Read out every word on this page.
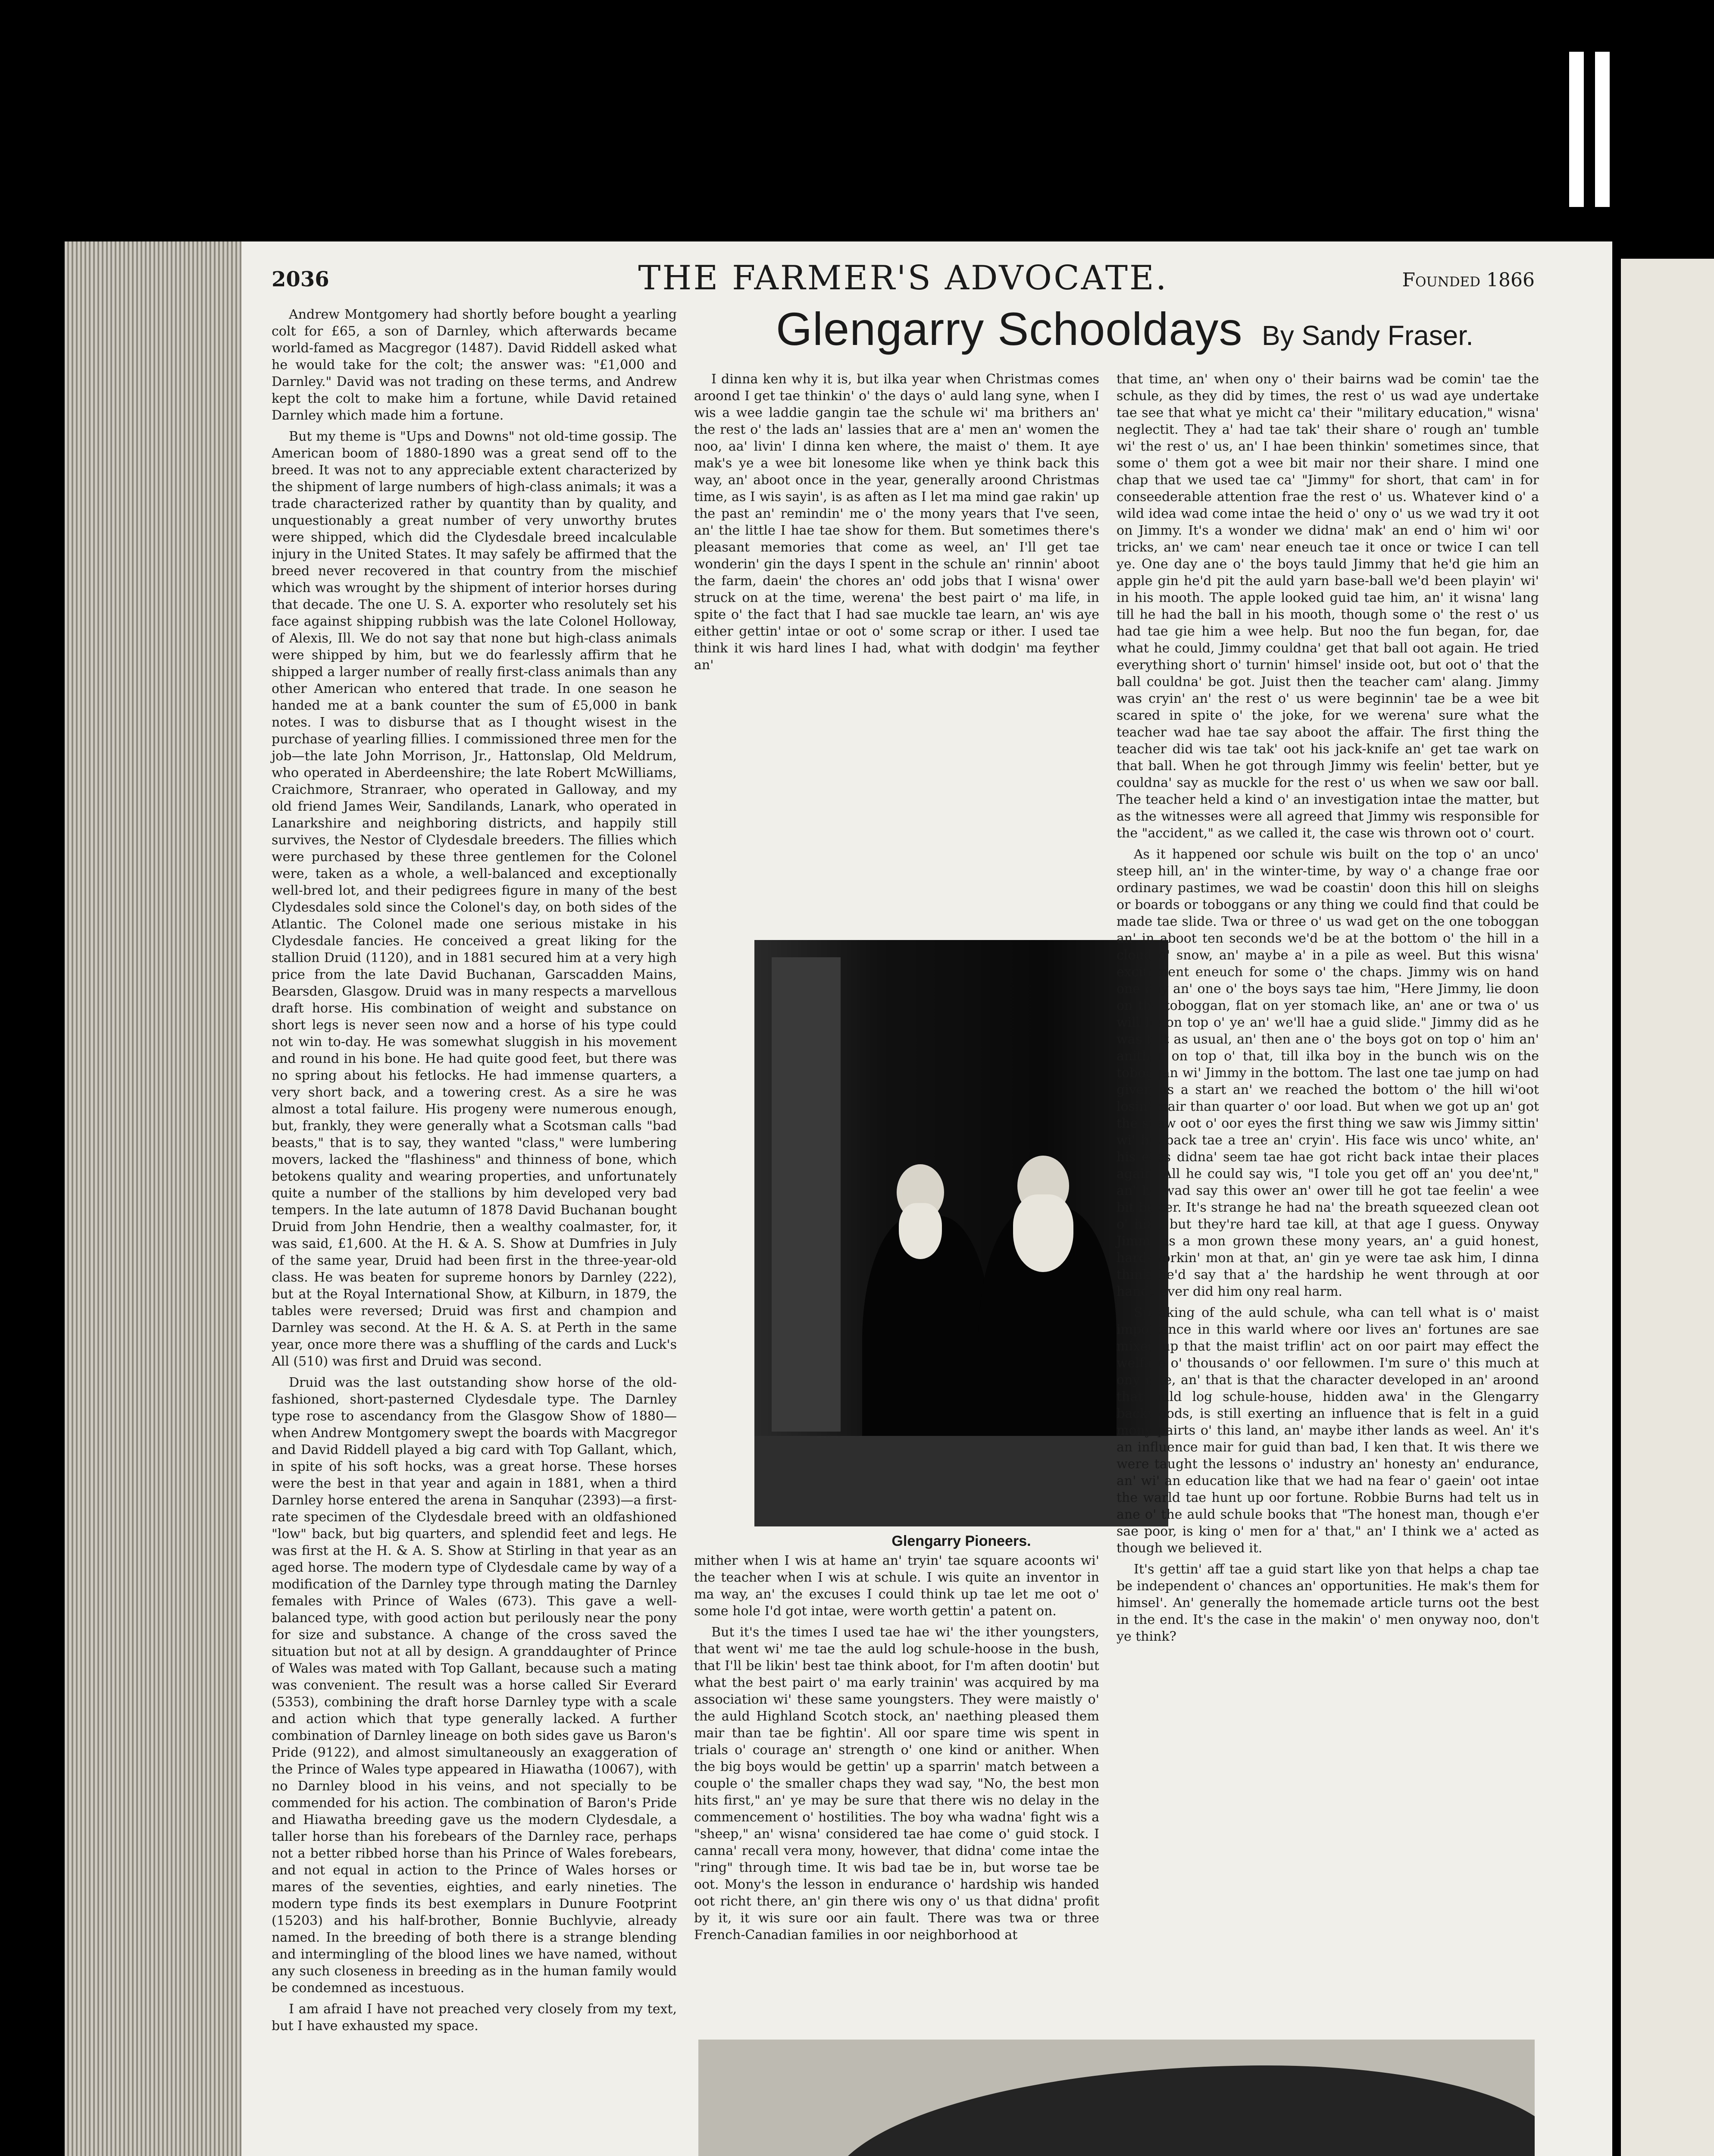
2036	THE FARMER'S ADVOCATE.	Founded 1866

Andrew Montgomery had shortly before bought a yearling colt for £65, a son of Darnley, which afterwards became world-famed as Macgregor (1487). David Riddell asked what he would take for the colt; the answer was: "£1,000 and Darnley." David was not trading on these terms, and Andrew kept the colt to make him a fortune, while David retained Darnley which made him a fortune.

But my theme is "Ups and Downs" not old-time gossip. The American boom of 1880-1890 was a great send off to the breed. It was not to any appreciable extent characterized by the shipment of large numbers of high-class animals; it was a trade characterized rather by quantity than by quality, and unquestionably a great number of very unworthy brutes were shipped, which did the Clydesdale breed incalculable injury in the United States. It may safely be affirmed that the breed never recovered in that country from the mischief which was wrought by the shipment of interior horses during that decade. The one U. S. A. exporter who resolutely set his face against shipping rubbish was the late Colonel Holloway, of Alexis, Ill. We do not say that none but high-class animals were shipped by him, but we do fearlessly affirm that he shipped a larger number of really first-class animals than any other American who entered that trade. In one season he handed me at a bank counter the sum of £5,000 in bank notes. I was to disburse that as I thought wisest in the purchase of yearling fillies. I commissioned three men for the job—the late John Morrison, Jr., Hattonslap, Old Meldrum, who operated in Aberdeenshire; the late Robert McWilliams, Craichmore, Stranraer, who operated in Galloway, and my old friend James Weir, Sandilands, Lanark, who operated in Lanarkshire and neighboring districts, and happily still survives, the Nestor of Clydesdale breeders. The fillies which were purchased by these three gentlemen for the Colonel were, taken as a whole, a well-balanced and exceptionally well-bred lot, and their pedigrees figure in many of the best Clydesdales sold since the Colonel's day, on both sides of the Atlantic. The Colonel made one serious mistake in his Clydesdale fancies. He conceived a great liking for the stallion Druid (1120), and in 1881 secured him at a very high price from the late David Buchanan, Garscadden Mains, Bearsden, Glasgow. Druid was in many respects a marvellous draft horse. His combination of weight and substance on short legs is never seen now and a horse of his type could not win to-day. He was somewhat sluggish in his movement and round in his bone. He had quite good feet, but there was no spring about his fetlocks. He had immense quarters, a very short back, and a towering crest. As a sire he was almost a total failure. His progeny were numerous enough, but, frankly, they were generally what a Scotsman calls "bad beasts," that is to say, they wanted "class," were lumbering movers, lacked the "flashiness" and thinness of bone, which betokens quality and wearing properties, and unfortunately quite a number of the stallions by him developed very bad tempers. In the late autumn of 1878 David Buchanan bought Druid from John Hendrie, then a wealthy coalmaster, for, it was said, £1,600. At the H. & A. S. Show at Dumfries in July of the same year, Druid had been first in the three-year-old class. He was beaten for supreme honors by Darnley (222), but at the Royal International Show, at Kilburn, in 1879, the tables were reversed; Druid was first and champion and Darnley was second. At the H. & A. S. at Perth in the same year, once more there was a shuffling of the cards and Luck's All (510) was first and Druid was second.

Druid was the last outstanding show horse of the old-fashioned, short-pasterned Clydesdale type. The Darnley type rose to ascendancy from the Glasgow Show of 1880—when Andrew Montgomery swept the boards with Macgregor and David Riddell played a big card with Top Gallant, which, in spite of his soft hocks, was a great horse. These horses were the best in that year and again in 1881, when a third Darnley horse entered the arena in Sanquhar (2393)—a first-rate specimen of the Clydesdale breed with an oldfashioned "low" back, but big quarters, and splendid feet and legs. He was first at the H. & A. S. Show at Stirling in that year as an aged horse. The modern type of Clydesdale came by way of a modification of the Darnley type through mating the Darnley females with Prince of Wales (673). This gave a well-balanced type, with good action but perilously near the pony for size and substance. A change of the cross saved the situation but not at all by design. A granddaughter of Prince of Wales was mated with Top Gallant, because such a mating was convenient. The result was a horse called Sir Everard (5353), combining the draft horse Darnley type with a scale and action which that type generally lacked. A further combination of Darnley lineage on both sides gave us Baron's Pride (9122), and almost simultaneously an exaggeration of the Prince of Wales type appeared in Hiawatha (10067), with no Darnley blood in his veins, and not specially to be commended for his action. The combination of Baron's Pride and Hiawatha breeding gave us the modern Clydesdale, a taller horse than his forebears of the Darnley race, perhaps not a better ribbed horse than his Prince of Wales forebears, and not equal in action to the Prince of Wales horses or mares of the seventies, eighties, and early nineties. The modern type finds its best exemplars in Dunure Footprint (15203) and his half-brother, Bonnie Buchlyvie, already named. In the breeding of both there is a strange blending and intermingling of the blood lines we have named, without any such closeness in breeding as in the human family would be condemned as incestuous.

I am afraid I have not preached very closely from my text, but I have exhausted my space.

Glengarry Schooldays By Sandy Fraser.

I dinna ken why it is, but ilka year when Christmas comes aroond I get tae thinkin' o' the days o' auld lang syne, when I wis a wee laddie gangin tae the schule wi' ma brithers an' the rest o' the lads an' lassies that are a' men an' women the noo, aa' livin' I dinna ken where, the maist o' them. It aye mak's ye a wee bit lonesome like when ye think back this way, an' aboot once in the year, generally aroond Christmas time, as I wis sayin', is as aften as I let ma mind gae rakin' up the past an' remindin' me o' the mony years that I've seen, an' the little I hae tae show for them. But sometimes there's pleasant memories that come as weel, an' I'll get tae wonderin' gin the days I spent in the schule an' rinnin' aboot the farm, daein' the chores an' odd jobs that I wisna' ower struck on at the time, werena' the best pairt o' ma life, in spite o' the fact that I had sae muckle tae learn, an' wis aye either gettin' intae or oot o' some scrap or ither. I used tae think it wis hard lines I had, what with dodgin' ma feyther an'

Glengarry Pioneers.

mither when I wis at hame an' tryin' tae square acoonts wi' the teacher when I wis at schule. I wis quite an inventor in ma way, an' the excuses I could think up tae let me oot o' some hole I'd got intae, were worth gettin' a patent on.

But it's the times I used tae hae wi' the ither youngsters, that went wi' me tae the auld log schule-hoose in the bush, that I'll be likin' best tae think aboot, for I'm aften dootin' but what the best pairt o' ma early trainin' was acquired by ma association wi' these same youngsters. They were maistly o' the auld Highland Scotch stock, an' naething pleased them mair than tae be fightin'. All oor spare time wis spent in trials o' courage an' strength o' one kind or anither. When the big boys would be gettin' up a sparrin' match between a couple o' the smaller chaps they wad say, "No, the best mon hits first," an' ye may be sure that there wis no delay in the commencement o' hostilities. The boy wha wadna' fight wis a "sheep," an' wisna' considered tae hae come o' guid stock. I canna' recall vera mony, however, that didna' come intae the "ring" through time. It wis bad tae be in, but worse tae be oot. Mony's the lesson in endurance o' hardship wis handed oot richt there, an' gin there wis ony o' us that didna' profit by it, it wis sure oor ain fault. There was twa or three French-Canadian families in oor neighborhood at

that time, an' when ony o' their bairns wad be comin' tae the schule, as they did by times, the rest o' us wad aye undertake tae see that what ye micht ca' their "military education," wisna' neglectit. They a' had tae tak' their share o' rough an' tumble wi' the rest o' us, an' I hae been thinkin' sometimes since, that some o' them got a wee bit mair nor their share. I mind one chap that we used tae ca' "Jimmy" for short, that cam' in for conseederable attention frae the rest o' us. Whatever kind o' a wild idea wad come intae the heid o' ony o' us we wad try it oot on Jimmy. It's a wonder we didna' mak' an end o' him wi' oor tricks, an' we cam' near eneuch tae it once or twice I can tell ye. One day ane o' the boys tauld Jimmy that he'd gie him an apple gin he'd pit the auld yarn base-ball we'd been playin' wi' in his mooth. The apple looked guid tae him, an' it wisna' lang till he had the ball in his mooth, though some o' the rest o' us had tae gie him a wee help. But noo the fun began, for, dae what he could, Jimmy couldna' get that ball oot again. He tried everything short o' turnin' himsel' inside oot, but oot o' that the ball couldna' be got. Juist then the teacher cam' alang. Jimmy was cryin' an' the rest o' us were beginnin' tae be a wee bit scared in spite o' the joke, for we werena' sure what the teacher wad hae tae say aboot the affair. The first thing the teacher did wis tae tak' oot his jack-knife an' get tae wark on that ball. When he got through Jimmy wis feelin' better, but ye couldna' say as muckle for the rest o' us when we saw oor ball. The teacher held a kind o' an investigation intae the matter, but as the witnesses were all agreed that Jimmy wis responsible for the "accident," as we called it, the case wis thrown oot o' court.

As it happened oor schule wis built on the top o' an unco' steep hill, an' in the winter-time, by way o' a change frae oor ordinary pastimes, we wad be coastin' doon this hill on sleighs or boards or toboggans or any thing we could find that could be made tae slide. Twa or three o' us wad get on the one toboggan an' in aboot ten seconds we'd be at the bottom o' the hill in a cloud o' snow, an' maybe a' in a pile as weel. But this wisna' excitement eneuch for some o' the chaps. Jimmy wis on hand one day an' one o' the boys says tae him, "Here Jimmy, lie doon on the toboggan, flat on yer stomach like, an' ane or twa o' us will lie on top o' ye an' we'll hae a guid slide." Jimmy did as he was telt as usual, an' then ane o' the boys got on top o' him an' anither on top o' that, till ilka boy in the bunch wis on the toboggan wi' Jimmy in the bottom. The last one tae jump on had given us a start an' we reached the bottom o' the hill wi'oot losin' mair than quarter o' oor load. But when we got up an' got the snaw oot o' oor eyes the first thing we saw wis Jimmy sittin' wi' his back tae a tree an' cryin'. His face wis unco' white, an' his eyes didna' seem tae hae got richt back intae their places again. All he could say wis, "I tole you get off an' you dee'nt," an' he wad say this ower an' ower till he got tae feelin' a wee bit better. It's strange he had na' the breath squeezed clean oot o' him, but they're hard tae kill, at that age I guess. Onyway Jimmy is a mon grown these mony years, an' a guid honest, hard-workin' mon at that, an' gin ye were tae ask him, I dinna think he'd say that a' the hardship he went through at oor hands ever did him ony real harm.

Speaking of the auld schule, wha can tell what is o' maist importance in this warld where oor lives an' fortunes are sae mixed up that the maist triflin' act on oor pairt may effect the welfare o' thousands o' oor fellowmen. I'm sure o' this much at ony rate, an' that is that the character developed in an' aroond that auld log schule-house, hidden awa' in the Glengarry backwoods, is still exerting an influence that is felt in a guid mony pairts o' this land, an' maybe ither lands as weel. An' it's an influence mair for guid than bad, I ken that. It wis there we were taught the lessons o' industry an' honesty an' endurance, an' wi' an education like that we had na fear o' gaein' oot intae the warld tae hunt up oor fortune. Robbie Burns had telt us in ane o' the auld schule books that "The honest man, though e'er sae poor, is king o' men for a' that," an' I think we a' acted as though we believed it.

It's gettin' aff tae a guid start like yon that helps a chap tae be independent o' chances an' opportunities. He mak's them for himsel'. An' generally the homemade article turns oot the best in the end. It's the case in the makin' o' men onyway noo, don't ye think?
